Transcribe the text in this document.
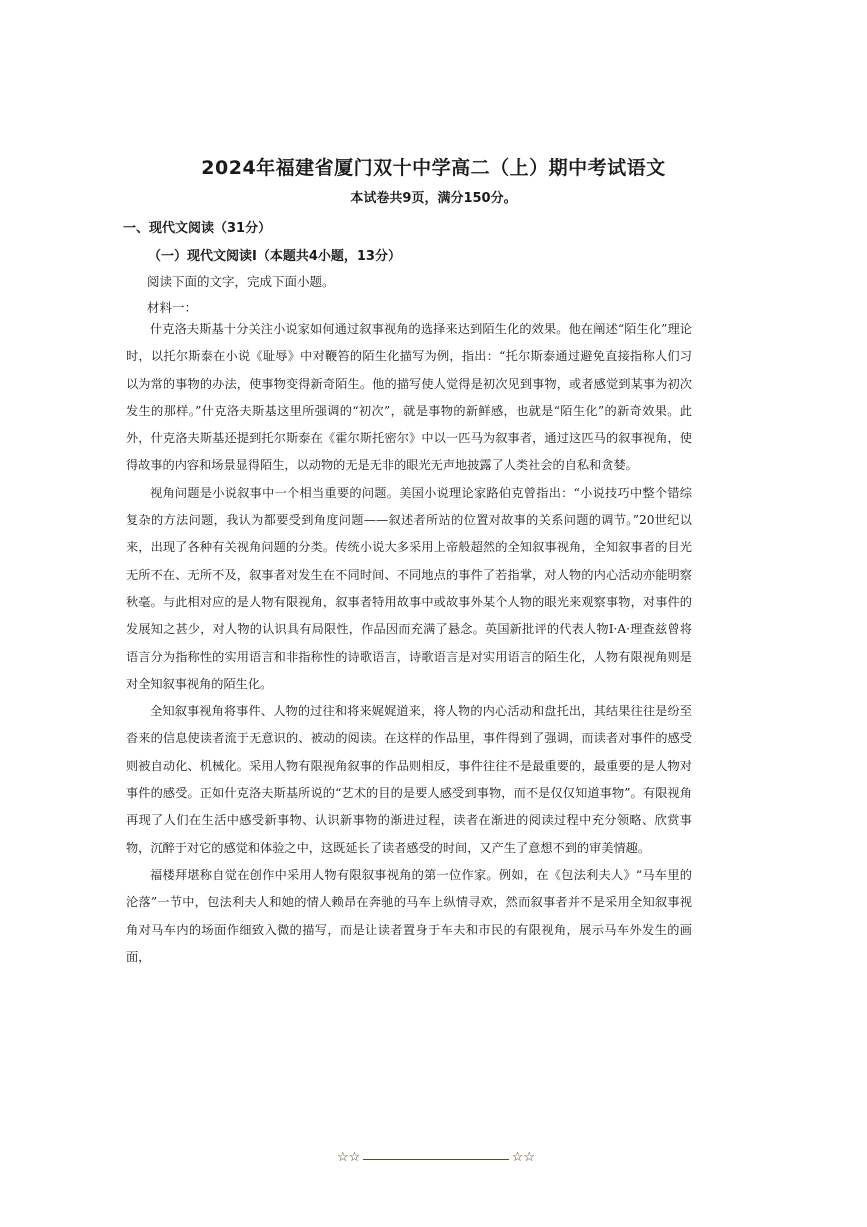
2024年福建省厦门双十中学高二（上）期中考试语文
本试卷共9页，满分150分。
一、现代文阅读（31分）
（一）现代文阅读Ⅰ（本题共4小题，13分）
阅读下面的文字，完成下面小题。
材料一：

什克洛夫斯基十分关注小说家如何通过叙事视角的选择来达到陌生化的效果。他在阐述“陌生化”理论时，以托尔斯泰在小说《耻辱》中对鞭笞的陌生化描写为例，指出：“托尔斯泰通过避免直接指称人们习以为常的事物的办法，使事物变得新奇陌生。他的描写使人觉得是初次见到事物，或者感觉到某事为初次发生的那样。”什克洛夫斯基这里所强调的“初次”，就是事物的新鲜感，也就是“陌生化”的新奇效果。此外，什克洛夫斯基还提到托尔斯泰在《霍尔斯托密尔》中以一匹马为叙事者，通过这匹马的叙事视角，使得故事的内容和场景显得陌生，以动物的无是无非的眼光无声地披露了人类社会的自私和贪婪。

视角问题是小说叙事中一个相当重要的问题。美国小说理论家路伯克曾指出：“小说技巧中整个错综复杂的方法问题，我认为都要受到角度问题——叙述者所站的位置对故事的关系问题的调节。”20世纪以来，出现了各种有关视角问题的分类。传统小说大多采用上帝般超然的全知叙事视角，全知叙事者的目光无所不在、无所不及，叙事者对发生在不同时间、不同地点的事件了若指掌，对人物的内心活动亦能明察秋毫。与此相对应的是人物有限视角，叙事者特用故事中或故事外某个人物的眼光来观察事物，对事件的发展知之甚少，对人物的认识具有局限性，作品因而充满了悬念。英国新批评的代表人物I·A·理查兹曾将语言分为指称性的实用语言和非指称性的诗歌语言，诗歌语言是对实用语言的陌生化，人物有限视角则是对全知叙事视角的陌生化。

全知叙事视角将事件、人物的过往和将来娓娓道来，将人物的内心活动和盘托出，其结果往往是纷至沓来的信息使读者流于无意识的、被动的阅读。在这样的作品里，事件得到了强调，而读者对事件的感受则被自动化、机械化。采用人物有限视角叙事的作品则相反，事件往往不是最重要的，最重要的是人物对事件的感受。正如什克洛夫斯基所说的“艺术的目的是要人感受到事物，而不是仅仅知道事物”。有限视角再现了人们在生活中感受新事物、认识新事物的渐进过程，读者在渐进的阅读过程中充分领略、欣赏事物，沉醉于对它的感觉和体验之中，这既延长了读者感受的时间，又产生了意想不到的审美情趣。

福楼拜堪称自觉在创作中采用人物有限叙事视角的第一位作家。例如，在《包法利夫人》“马车里的沦落”一节中，包法利夫人和她的情人赖昂在奔驰的马车上纵情寻欢，然而叙事者并不是采用全知叙事视角对马车内的场面作细致入微的描写，而是让读者置身于车夫和市民的有限视角，展示马车外发生的画面，

☆☆	☆☆
